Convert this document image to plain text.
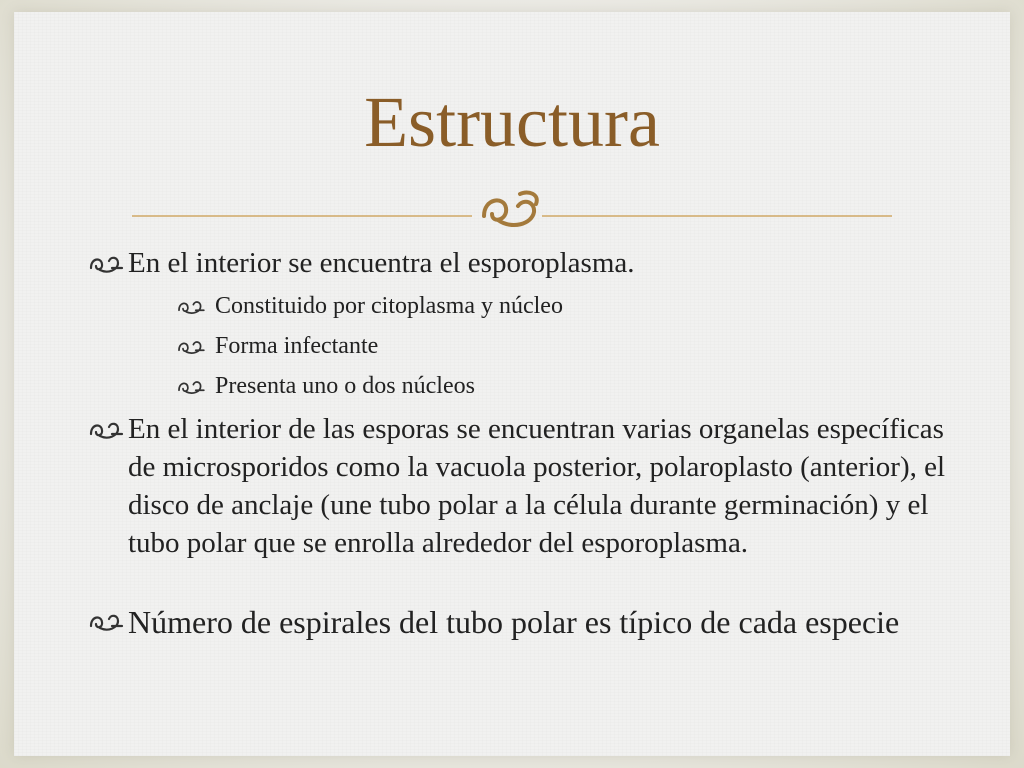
Estructura
En el interior se encuentra el esporoplasma.
Constituido por citoplasma y núcleo
Forma infectante
Presenta uno o dos núcleos
En el interior de las esporas se encuentran varias organelas específicas de microsporidos como la vacuola posterior, polaroplasto (anterior), el disco de anclaje (une tubo polar a la célula durante germinación) y el tubo polar que se enrolla alrededor del esporoplasma.
Número de espirales del tubo polar es típico de cada especie
